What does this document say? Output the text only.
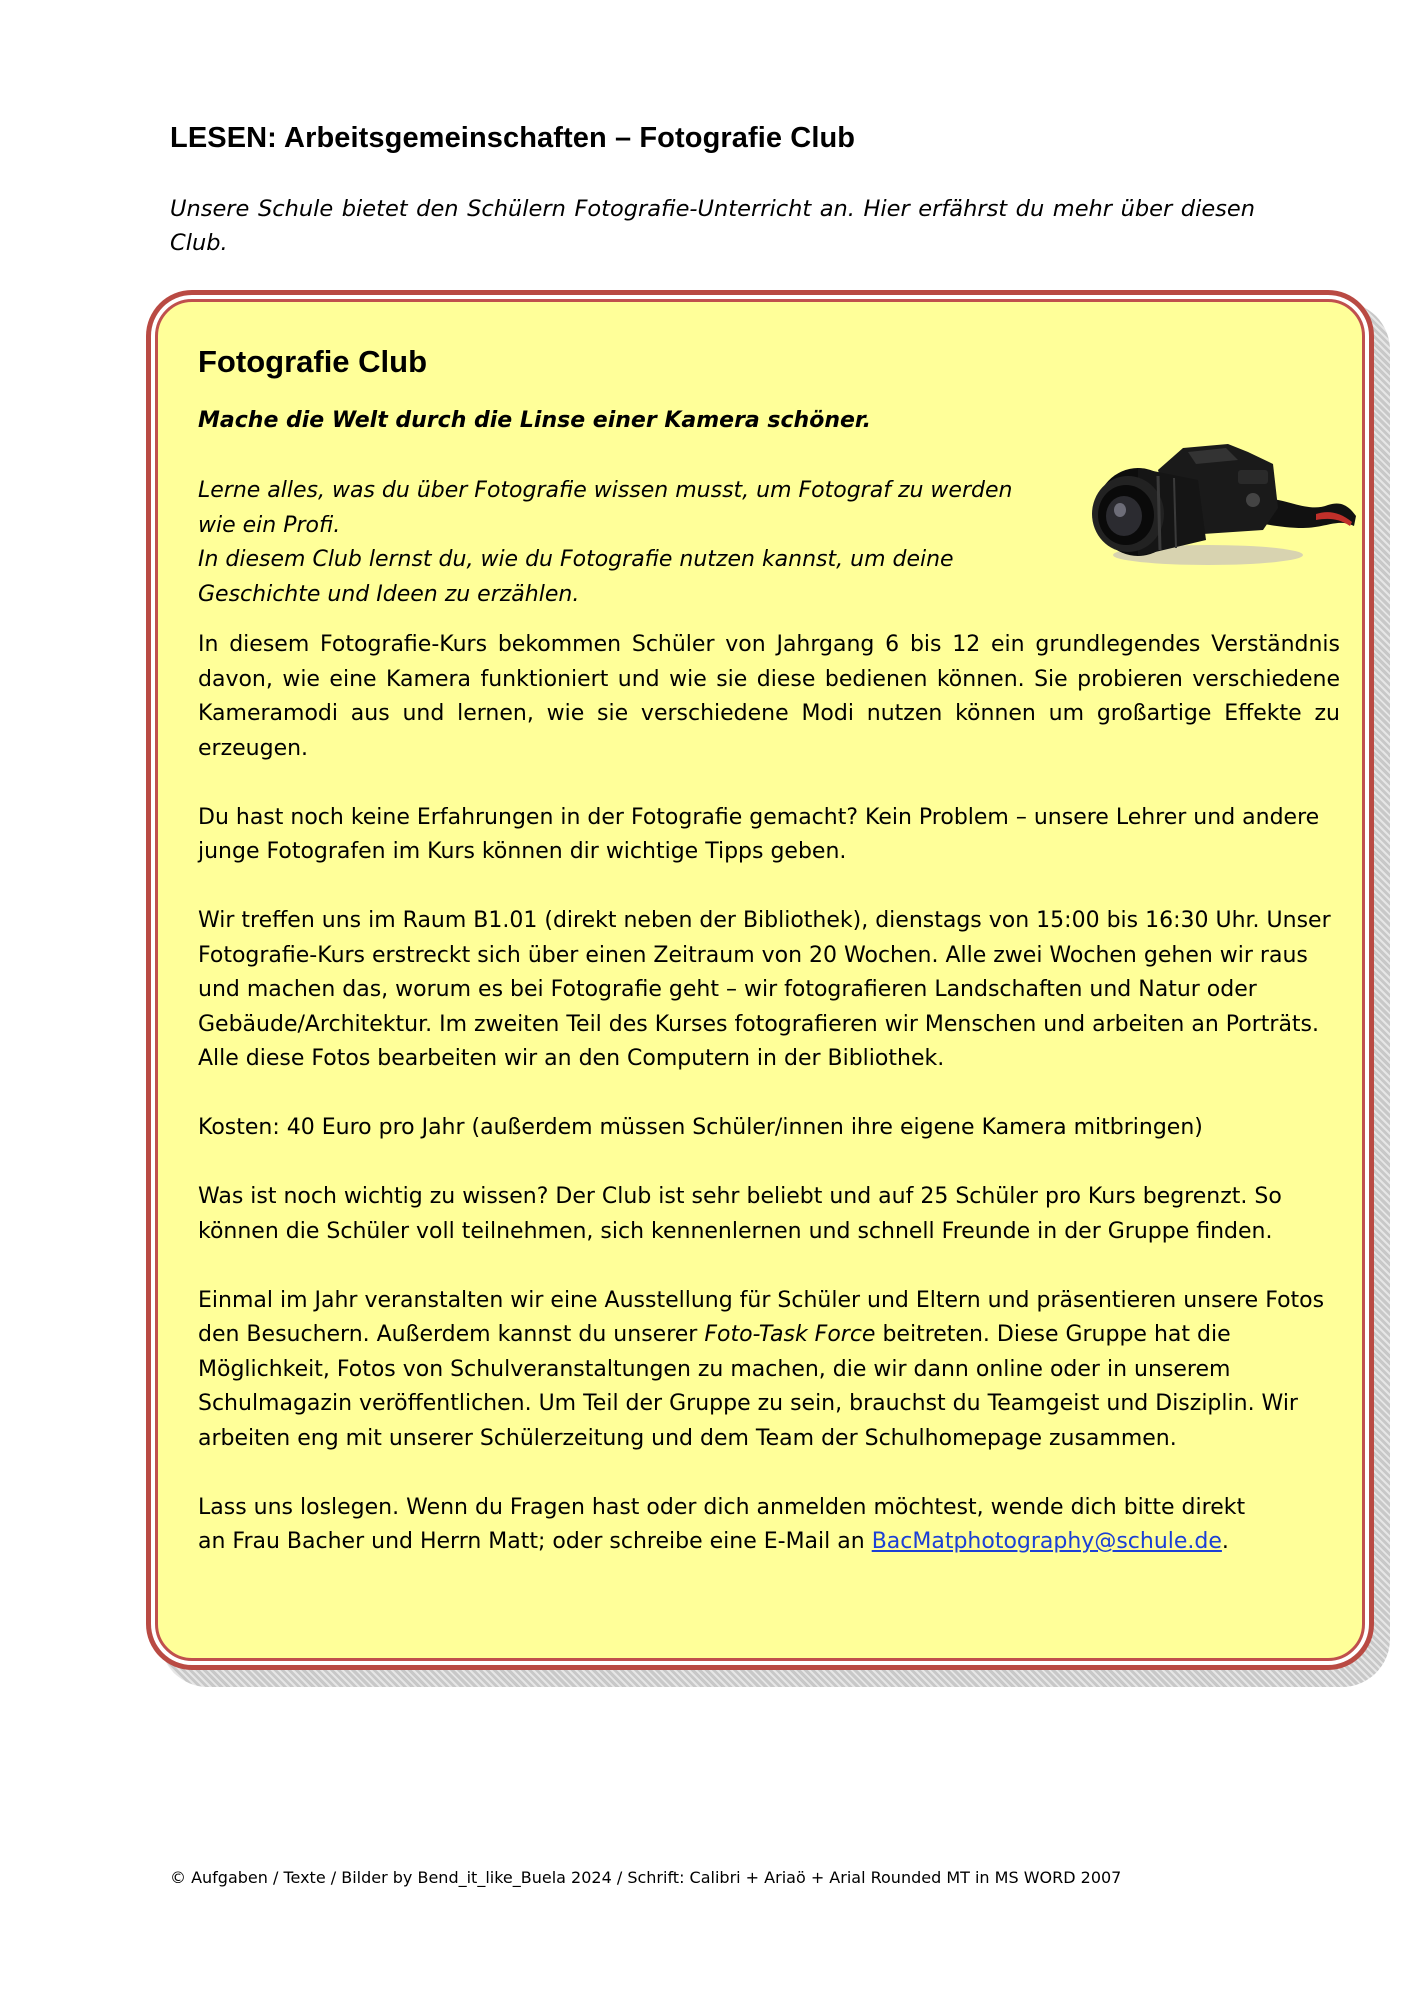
LESEN: Arbeitsgemeinschaften – Fotografie Club
Unsere Schule bietet den Schülern Fotografie-Unterricht an. Hier erfährst du mehr über diesen Club.
Fotografie Club
Mache die Welt durch die Linse einer Kamera schöner.
Lerne alles, was du über Fotografie wissen musst, um Fotograf zu werden
wie ein Profi.
In diesem Club lernst du, wie du Fotografie nutzen kannst, um deine
Geschichte und Ideen zu erzählen.

In diesem Fotografie-Kurs bekommen Schüler von Jahrgang 6 bis 12 ein grundlegendes Verständnis davon, wie eine Kamera funktioniert und wie sie diese bedienen können. Sie probieren verschiedene Kameramodi aus und lernen, wie sie verschiedene Modi nutzen können um großartige Effekte zu erzeugen.

Du hast noch keine Erfahrungen in der Fotografie gemacht? Kein Problem – unsere Lehrer und andere junge Fotografen im Kurs können dir wichtige Tipps geben.

Wir treffen uns im Raum B1.01 (direkt neben der Bibliothek), dienstags von 15:00 bis 16:30 Uhr. Unser Fotografie-Kurs erstreckt sich über einen Zeitraum von 20 Wochen. Alle zwei Wochen gehen wir raus und machen das, worum es bei Fotografie geht – wir fotografieren Landschaften und Natur oder Gebäude/Architektur. Im zweiten Teil des Kurses fotografieren wir Menschen und arbeiten an Porträts. Alle diese Fotos bearbeiten wir an den Computern in der Bibliothek.

Kosten: 40 Euro pro Jahr (außerdem müssen Schüler/innen ihre eigene Kamera mitbringen)

Was ist noch wichtig zu wissen? Der Club ist sehr beliebt und auf 25 Schüler pro Kurs begrenzt. So können die Schüler voll teilnehmen, sich kennenlernen und schnell Freunde in der Gruppe finden.

Einmal im Jahr veranstalten wir eine Ausstellung für Schüler und Eltern und präsentieren unsere Fotos den Besuchern. Außerdem kannst du unserer Foto-Task Force beitreten. Diese Gruppe hat die Möglichkeit, Fotos von Schulveranstaltungen zu machen, die wir dann online oder in unserem Schulmagazin veröffentlichen. Um Teil der Gruppe zu sein, brauchst du Teamgeist und Disziplin. Wir arbeiten eng mit unserer Schülerzeitung und dem Team der Schulhomepage zusammen.

Lass uns loslegen. Wenn du Fragen hast oder dich anmelden möchtest, wende dich bitte direkt
an Frau Bacher und Herrn Matt; oder schreibe eine E-Mail an BacMatphotography@schule.de.

© Aufgaben / Texte / Bilder by Bend_it_like_Buela 2024 / Schrift: Calibri + Ariaö + Arial Rounded MT in MS WORD 2007
